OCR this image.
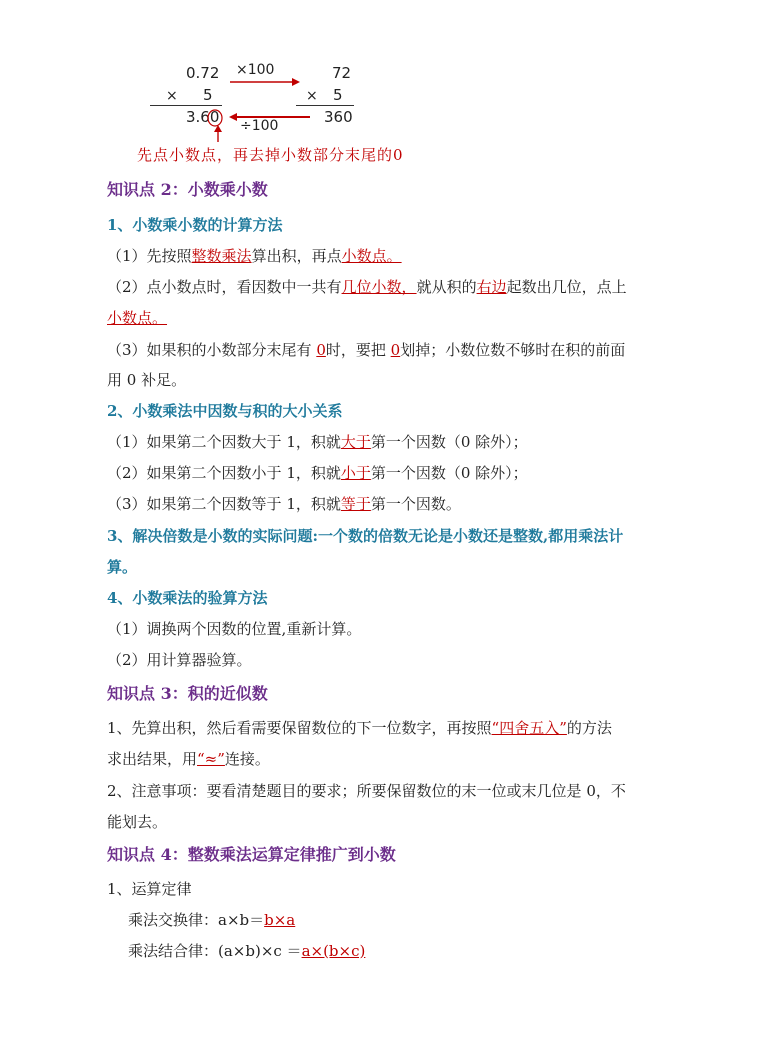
0.72
× 5
3.60
72
× 5
360
×100
÷100
先点小数点，再去掉小数部分末尾的0
知识点 2：小数乘小数
1、小数乘小数的计算方法
（1）先按照整数乘法算出积，再点小数点。
（2）点小数点时，看因数中一共有几位小数，就从积的右边起数出几位，点上
小数点。
（3）如果积的小数部分末尾有 0时，要把 0划掉；小数位数不够时在积的前面
用 0 补足。
2、小数乘法中因数与积的大小关系
（1）如果第二个因数大于 1，积就大于第一个因数（0 除外）；
（2）如果第二个因数小于 1，积就小于第一个因数（0 除外）；
（3）如果第二个因数等于 1，积就等于第一个因数。
3、解决倍数是小数的实际问题:一个数的倍数无论是小数还是整数,都用乘法计
算。
4、小数乘法的验算方法
（1）调换两个因数的位置,重新计算。
（2）用计算器验算。
知识点 3：积的近似数
1、先算出积，然后看需要保留数位的下一位数字，再按照“四舍五入”的方法
求出结果，用“≈”连接。
2、注意事项：要看清楚题目的要求；所要保留数位的末一位或末几位是 0，不
能划去。
知识点 4：整数乘法运算定律推广到小数
1、运算定律
乘法交换律：a×b＝b×a
乘法结合律：(a×b)×c ＝a×(b×c)
